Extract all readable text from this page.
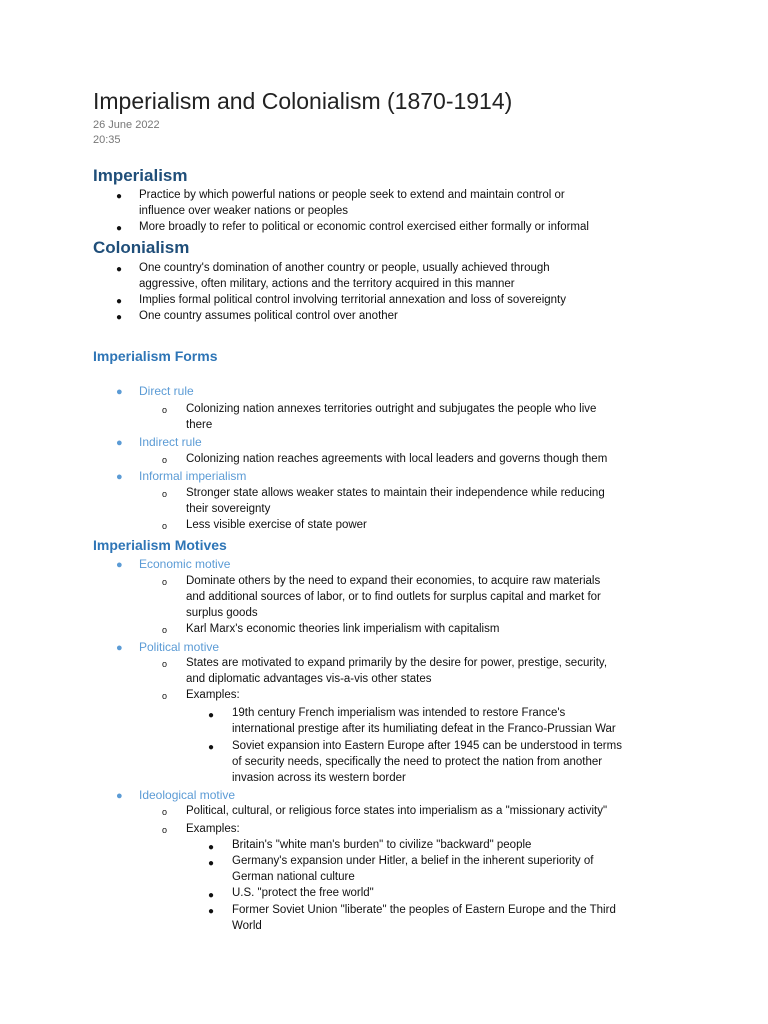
Imperialism and Colonialism (1870-1914)
26 June 2022
20:35
Imperialism
● Practice by which powerful nations or people seek to extend and maintain control or
influence over weaker nations or peoples
● More broadly to refer to political or economic control exercised either formally or informal
Colonialism
● One country's domination of another country or people, usually achieved through
aggressive, often military, actions and the territory acquired in this manner
● Implies formal political control involving territorial annexation and loss of sovereignty
● One country assumes political control over another
Imperialism Forms
● Direct rule
o Colonizing nation annexes territories outright and subjugates the people who live
there
● Indirect rule
o Colonizing nation reaches agreements with local leaders and governs though them
● Informal imperialism
o Stronger state allows weaker states to maintain their independence while reducing
their sovereignty
o Less visible exercise of state power
Imperialism Motives
● Economic motive
o Dominate others by the need to expand their economies, to acquire raw materials
and additional sources of labor, or to find outlets for surplus capital and market for
surplus goods
o Karl Marx's economic theories link imperialism with capitalism
● Political motive
o States are motivated to expand primarily by the desire for power, prestige, security,
and diplomatic advantages vis-a-vis other states
o Examples:
● 19th century French imperialism was intended to restore France's
international prestige after its humiliating defeat in the Franco-Prussian War
● Soviet expansion into Eastern Europe after 1945 can be understood in terms
of security needs, specifically the need to protect the nation from another
invasion across its western border
● Ideological motive
o Political, cultural, or religious force states into imperialism as a "missionary activity"
o Examples:
● Britain's "white man's burden" to civilize "backward" people
● Germany's expansion under Hitler, a belief in the inherent superiority of
German national culture
● U.S. "protect the free world"
● Former Soviet Union "liberate" the peoples of Eastern Europe and the Third
World
